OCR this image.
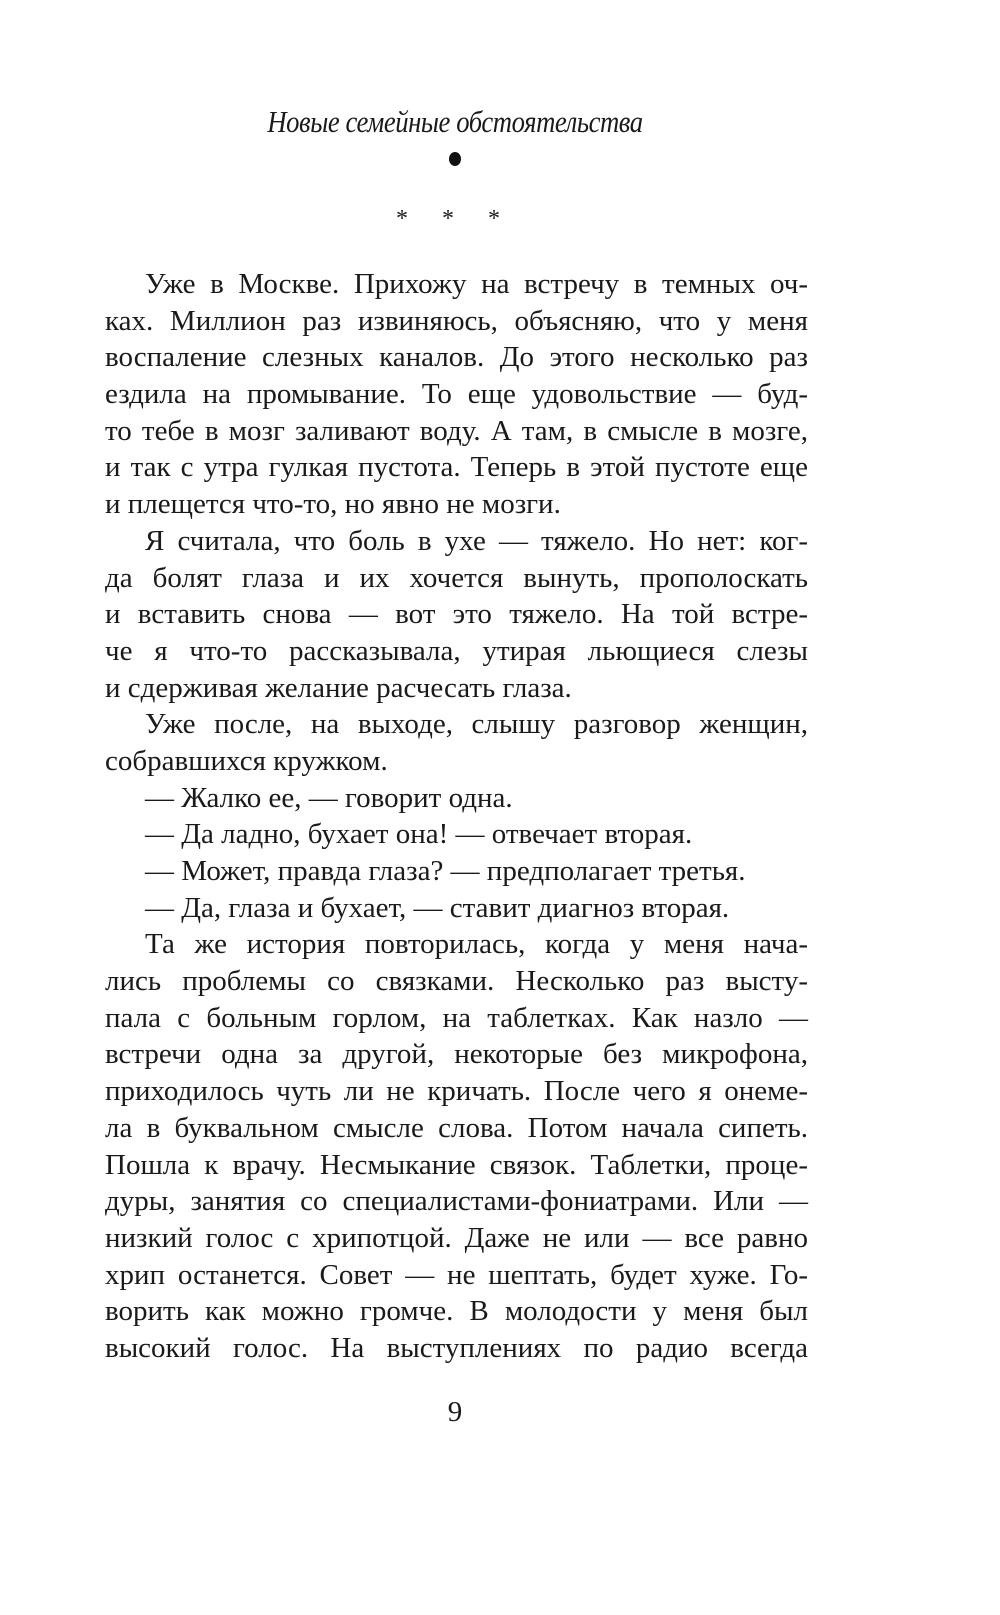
Новые семейные обстоятельства
* * *
Уже в Москве. Прихожу на встречу в темных оч-
ках. Миллион раз извиняюсь, объясняю, что у меня
воспаление слезных каналов. До этого несколько раз
ездила на промывание. То еще удовольствие — буд-
то тебе в мозг заливают воду. А там, в смысле в мозге,
и так с утра гулкая пустота. Теперь в этой пустоте еще
и плещется что-то, но явно не мозги.
Я считала, что боль в ухе — тяжело. Но нет: ког-
да болят глаза и их хочется вынуть, прополоскать
и вставить снова — вот это тяжело. На той встре-
че я что-то рассказывала, утирая льющиеся слезы
и сдерживая желание расчесать глаза.
Уже после, на выходе, слышу разговор женщин,
собравшихся кружком.
— Жалко ее, — говорит одна.
— Да ладно, бухает она! — отвечает вторая.
— Может, правда глаза? — предполагает третья.
— Да, глаза и бухает, — ставит диагноз вторая.
Та же история повторилась, когда у меня нача-
лись проблемы со связками. Несколько раз высту-
пала с больным горлом, на таблетках. Как назло —
встречи одна за другой, некоторые без микрофона,
приходилось чуть ли не кричать. После чего я онеме-
ла в буквальном смысле слова. Потом начала сипеть.
Пошла к врачу. Несмыкание связок. Таблетки, проце-
дуры, занятия со специалистами-фониатрами. Или —
низкий голос с хрипотцой. Даже не или — все равно
хрип останется. Совет — не шептать, будет хуже. Го-
ворить как можно громче. В молодости у меня был
высокий голос. На выступлениях по радио всегда
9
